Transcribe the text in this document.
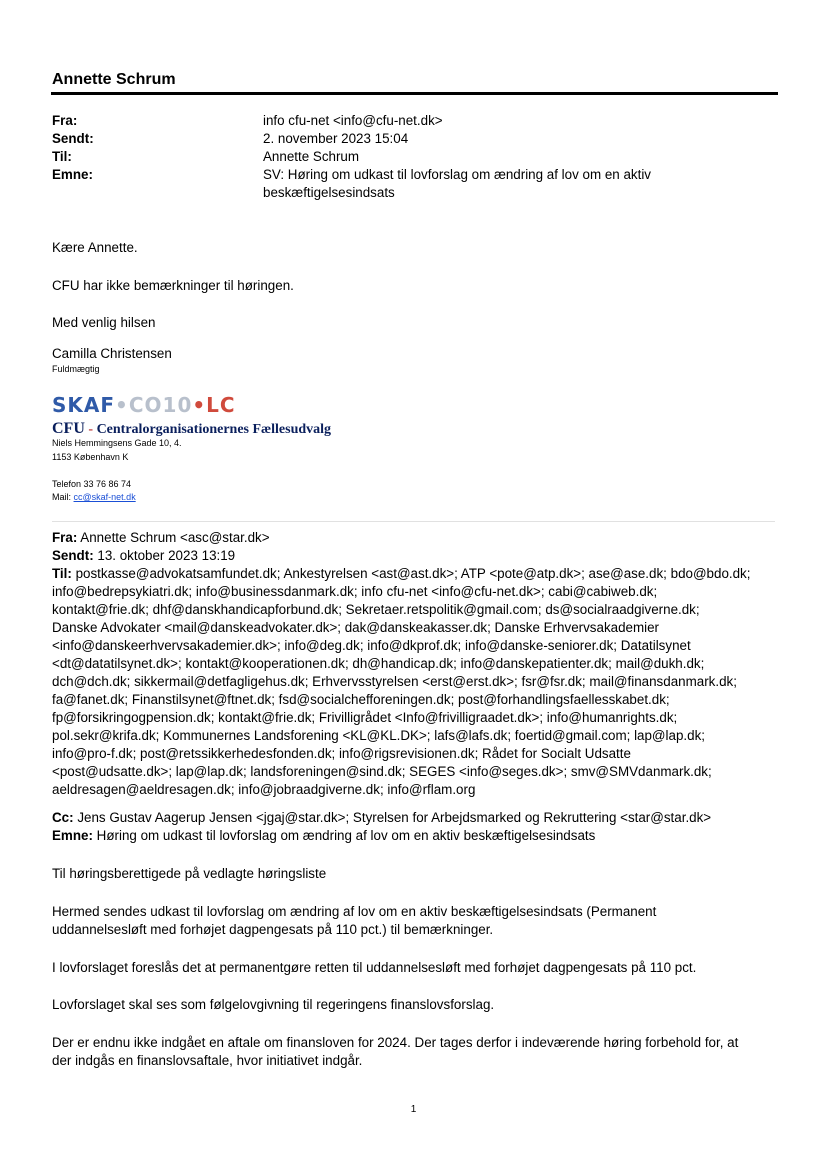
Annette Schrum
Fra:	info cfu-net <info@cfu-net.dk>
Sendt:	2. november 2023 15:04
Til:	Annette Schrum
Emne:	SV: Høring om udkast til lovforslag om ændring af lov om en aktiv beskæftigelsesindsats
Kære Annette.
CFU har ikke bemærkninger til høringen.
Med venlig hilsen
Camilla Christensen
Fuldmægtig
SKAF•CO10•LC
CFU - Centralorganisationernes Fællesudvalg
Niels Hemmingsens Gade 10, 4.
1153 København K
Telefon 33 76 86 74
Mail: cc@skaf-net.dk
Fra: Annette Schrum <asc@star.dk>
Sendt: 13. oktober 2023 13:19
Til: postkasse@advokatsamfundet.dk; Ankestyrelsen <ast@ast.dk>; ATP <pote@atp.dk>; ase@ase.dk; bdo@bdo.dk;
info@bedrepsykiatri.dk; info@businessdanmark.dk; info cfu-net <info@cfu-net.dk>; cabi@cabiweb.dk;
kontakt@frie.dk; dhf@danskhandicapforbund.dk; Sekretaer.retspolitik@gmail.com; ds@socialraadgiverne.dk;
Danske Advokater <mail@danskeadvokater.dk>; dak@danskeakasser.dk; Danske Erhvervsakademier
<info@danskeerhvervsakademier.dk>; info@deg.dk; info@dkprof.dk; info@danske-seniorer.dk; Datatilsynet
<dt@datatilsynet.dk>; kontakt@kooperationen.dk; dh@handicap.dk; info@danskepatienter.dk; mail@dukh.dk;
dch@dch.dk; sikkermail@detfagligehus.dk; Erhvervsstyrelsen <erst@erst.dk>; fsr@fsr.dk; mail@finansdanmark.dk;
fa@fanet.dk; Finanstilsynet@ftnet.dk; fsd@socialchefforeningen.dk; post@forhandlingsfaellesskabet.dk;
fp@forsikringogpension.dk; kontakt@frie.dk; Frivilligrådet <Info@frivilligraadet.dk>; info@humanrights.dk;
pol.sekr@krifa.dk; Kommunernes Landsforening <KL@KL.DK>; lafs@lafs.dk; foertid@gmail.com; lap@lap.dk;
info@pro-f.dk; post@retssikkerhedesfonden.dk; info@rigsrevisionen.dk; Rådet for Socialt Udsatte
<post@udsatte.dk>; lap@lap.dk; landsforeningen@sind.dk; SEGES <info@seges.dk>; smv@SMVdanmark.dk;
aeldresagen@aeldresagen.dk; info@jobraadgiverne.dk; info@rflam.org
Cc: Jens Gustav Aagerup Jensen <jgaj@star.dk>; Styrelsen for Arbejdsmarked og Rekruttering <star@star.dk>
Emne: Høring om udkast til lovforslag om ændring af lov om en aktiv beskæftigelsesindsats
Til høringsberettigede på vedlagte høringsliste
Hermed sendes udkast til lovforslag om ændring af lov om en aktiv beskæftigelsesindsats (Permanent
uddannelsesløft med forhøjet dagpengesats på 110 pct.) til bemærkninger.
I lovforslaget foreslås det at permanentgøre retten til uddannelsesløft med forhøjet dagpengesats på 110 pct.
Lovforslaget skal ses som følgelovgivning til regeringens finanslovsforslag.
Der er endnu ikke indgået en aftale om finansloven for 2024. Der tages derfor i indeværende høring forbehold for, at
der indgås en finanslovsaftale, hvor initiativet indgår.
1
